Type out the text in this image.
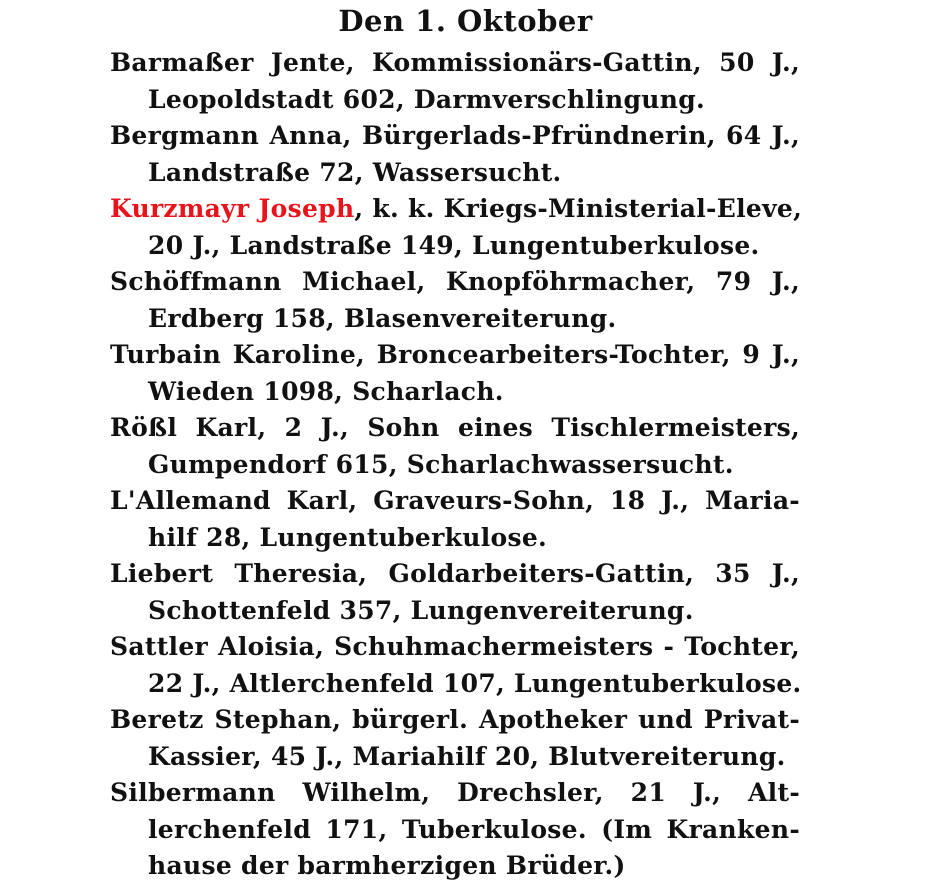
Den 1. Oktober
Barmaßer Jente, Kommissionärs-Gattin, 50 J.,
Leopoldstadt 602, Darmverschlingung.
Bergmann Anna, Bürgerlads-Pfründnerin, 64 J.,
Landstraße 72, Wassersucht.
Kurzmayr Joseph, k. k. Kriegs-Ministerial-Eleve,
20 J., Landstraße 149, Lungentuberkulose.
Schöffmann Michael, Knopföhrmacher, 79 J.,
Erdberg 158, Blasenvereiterung.
Turbain Karoline, Broncearbeiters-Tochter, 9 J.,
Wieden 1098, Scharlach.
Rößl Karl, 2 J., Sohn eines Tischlermeisters,
Gumpendorf 615, Scharlachwassersucht.
L'Allemand Karl, Graveurs-Sohn, 18 J., Maria-
hilf 28, Lungentuberkulose.
Liebert Theresia, Goldarbeiters-Gattin, 35 J.,
Schottenfeld 357, Lungenvereiterung.
Sattler Aloisia, Schuhmachermeisters - Tochter,
22 J., Altlerchenfeld 107, Lungentuberkulose.
Beretz Stephan, bürgerl. Apotheker und Privat-
Kassier, 45 J., Mariahilf 20, Blutvereiterung.
Silbermann Wilhelm, Drechsler, 21 J., Alt-
lerchenfeld 171, Tuberkulose. (Im Kranken-
hause der barmherzigen Brüder.)
